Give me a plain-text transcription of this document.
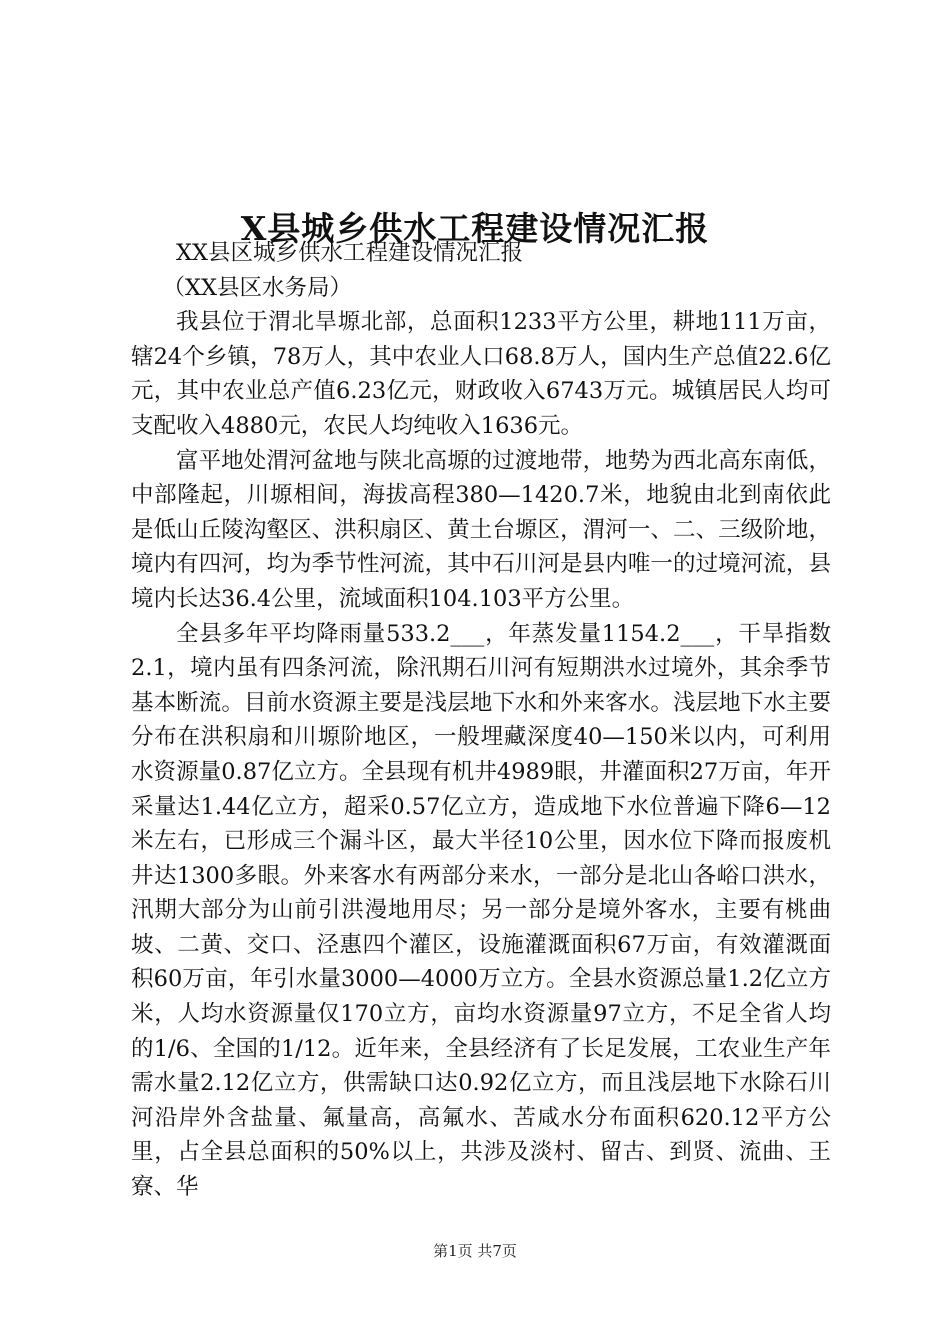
X县城乡供水工程建设情况汇报

XX县区城乡供水工程建设情况汇报

（XX县区水务局）

我县位于渭北旱塬北部，总面积1233平方公里，耕地111万亩，辖24个乡镇，78万人，其中农业人口68.8万人，国内生产总值22.6亿元，其中农业总产值6.23亿元，财政收入6743万元。城镇居民人均可支配收入4880元，农民人均纯收入1636元。

富平地处渭河盆地与陕北高塬的过渡地带，地势为西北高东南低，中部隆起，川塬相间，海拔高程380—1420.7米，地貌由北到南依此是低山丘陵沟壑区、洪积扇区、黄土台塬区，渭河一、二、三级阶地，境内有四河，均为季节性河流，其中石川河是县内唯一的过境河流，县境内长达36.4公里，流域面积104.103平方公里。

全县多年平均降雨量533.2___，年蒸发量1154.2___，干旱指数2.1，境内虽有四条河流，除汛期石川河有短期洪水过境外，其余季节基本断流。目前水资源主要是浅层地下水和外来客水。浅层地下水主要分布在洪积扇和川塬阶地区，一般埋藏深度40—150米以内，可利用水资源量0.87亿立方。全县现有机井4989眼，井灌面积27万亩，年开采量达1.44亿立方，超采0.57亿立方，造成地下水位普遍下降6—12米左右，已形成三个漏斗区，最大半径10公里，因水位下降而报废机井达1300多眼。外来客水有两部分来水，一部分是北山各峪口洪水，汛期大部分为山前引洪漫地用尽；另一部分是境外客水，主要有桃曲坡、二黄、交口、泾惠四个灌区，设施灌溉面积67万亩，有效灌溉面积60万亩，年引水量3000—4000万立方。全县水资源总量1.2亿立方米，人均水资源量仅170立方，亩均水资源量97立方，不足全省人均的1/6、全国的1/12。近年来，全县经济有了长足发展，工农业生产年需水量2.12亿立方，供需缺口达0.92亿立方，而且浅层地下水除石川河沿岸外含盐量、氟量高，高氟水、苦咸水分布面积620.12平方公里，占全县总面积的50%以上，共涉及淡村、留古、到贤、流曲、王寮、华

第1页 共7页
